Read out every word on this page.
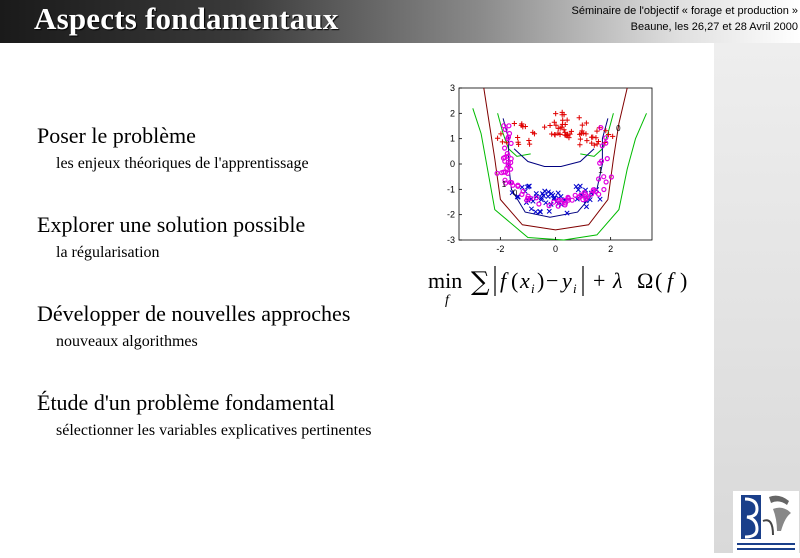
Aspects fondamentaux	Séminaire de l'objectif « forage et production »
Beaune, les 26,27 et 28 Avril 2000
Poser le problème
les enjeux théoriques de l'apprentissage
Explorer une solution possible
la régularisation
Développer de nouvelles approches
nouveaux algorithmes
Étude d'un problème fondamental
sélectionner les variables explicatives pertinentes
-2	0	2
3
2
1
0
-1
-2
-3
1
0
1
0
min
f
∑ f ( x i ) − y i + λ Ω ( f )
